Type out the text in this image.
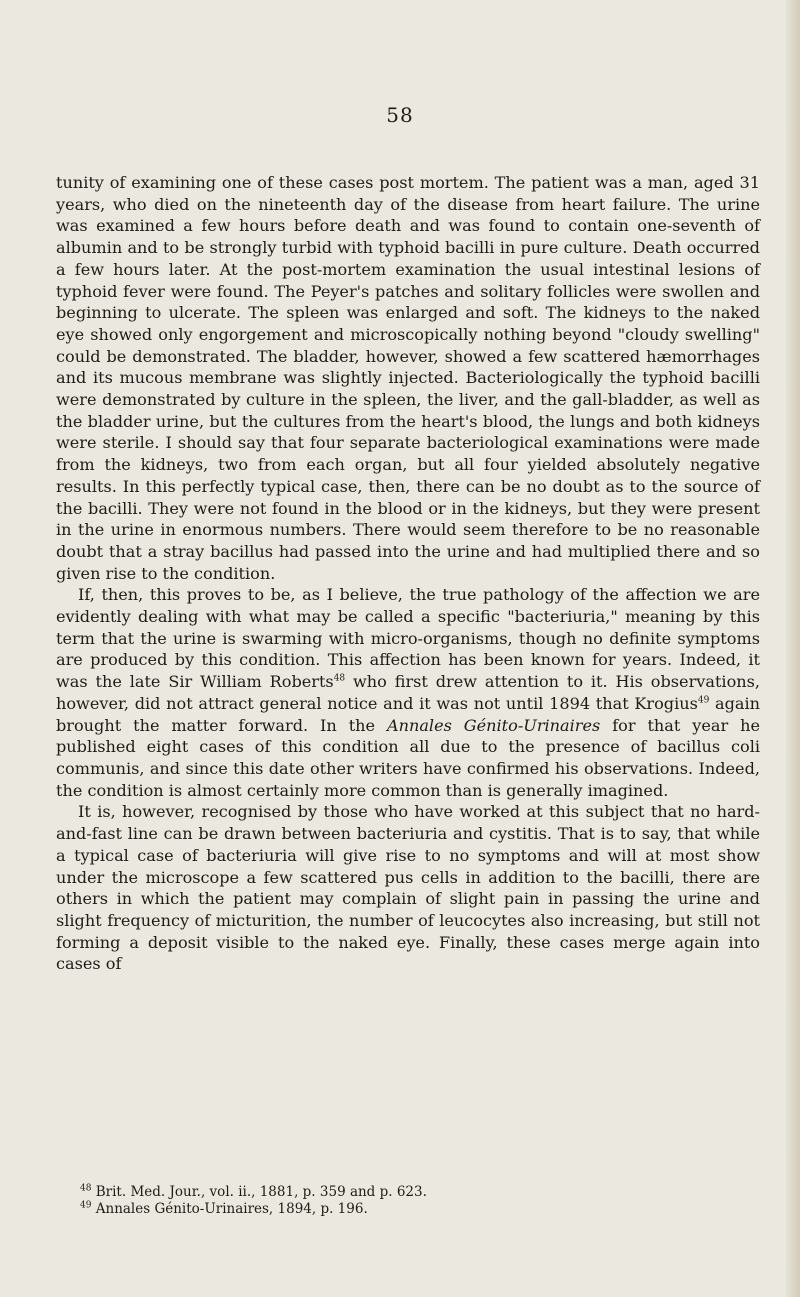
58

tunity of examining one of these cases post mortem. The patient was a man, aged 31 years, who died on the nineteenth day of the disease from heart failure. The urine was examined a few hours before death and was found to contain one-seventh of albumin and to be strongly turbid with typhoid bacilli in pure culture. Death occurred a few hours later. At the post-mortem examination the usual intestinal lesions of typhoid fever were found. The Peyer's patches and solitary follicles were swollen and beginning to ulcerate. The spleen was enlarged and soft. The kidneys to the naked eye showed only engorgement and microscopically nothing beyond "cloudy swelling" could be demonstrated. The bladder, however, showed a few scattered hæmorrhages and its mucous membrane was slightly injected. Bacteriologically the typhoid bacilli were demonstrated by culture in the spleen, the liver, and the gall-bladder, as well as the bladder urine, but the cultures from the heart's blood, the lungs and both kidneys were sterile. I should say that four separate bacteriological examinations were made from the kidneys, two from each organ, but all four yielded absolutely negative results. In this perfectly typical case, then, there can be no doubt as to the source of the bacilli. They were not found in the blood or in the kidneys, but they were present in the urine in enormous numbers. There would seem therefore to be no reasonable doubt that a stray bacillus had passed into the urine and had multiplied there and so given rise to the condition.

If, then, this proves to be, as I believe, the true pathology of the affection we are evidently dealing with what may be called a specific "bacteriuria," meaning by this term that the urine is swarming with micro-organisms, though no definite symptoms are produced by this condition. This affection has been known for years. Indeed, it was the late Sir William Roberts$^{48}$ who first drew attention to it. His observations, however, did not attract general notice and it was not until 1894 that Krogius$^{49}$ again brought the matter forward. In the Annales Génito-Urinaires for that year he published eight cases of this condition all due to the presence of bacillus coli communis, and since this date other writers have confirmed his observations. Indeed, the condition is almost certainly more common than is generally imagined.

It is, however, recognised by those who have worked at this subject that no hard-and-fast line can be drawn between bacteriuria and cystitis. That is to say, that while a typical case of bacteriuria will give rise to no symptoms and will at most show under the microscope a few scattered pus cells in addition to the bacilli, there are others in which the patient may complain of slight pain in passing the urine and slight frequency of micturition, the number of leucocytes also increasing, but still not forming a deposit visible to the naked eye. Finally, these cases merge again into cases of

$^{48}$ Brit. Med. Jour., vol. ii., 1881, p. 359 and p. 623.

$^{49}$ Annales Génito-Urinaires, 1894, p. 196.
